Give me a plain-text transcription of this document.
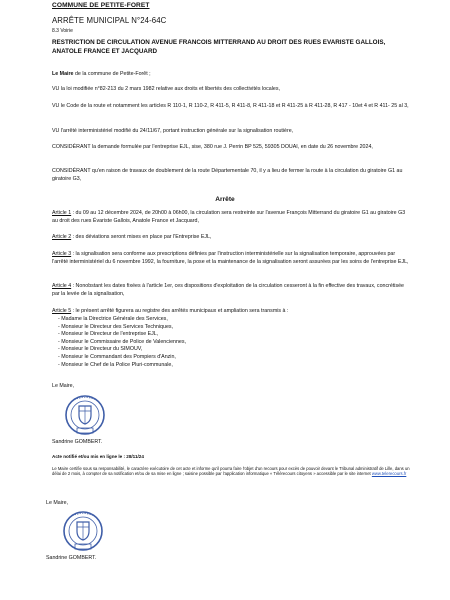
COMMUNE DE PETITE-FORET
ARRÊTE MUNICIPAL N°24-64C
8.3 Voirie
RESTRICTION DE CIRCULATION AVENUE FRANCOIS MITTERRAND AU DROIT DES RUES EVARISTE GALLOIS, ANATOLE FRANCE ET JACQUARD
Le Maire de la commune de Petite-Forêt ;
VU la loi modifiée n°82-213 du 2 mars 1982 relative aux droits et libertés des collectivités locales,
VU le Code de la route et notamment les articles R 110-1, R 110-2, R 411-5, R 411-8, R 411-18 et R 411-25 à R 411-28, R 417 - 10et 4 et R 411- 25 al 3,
VU l'arrêté interministériel modifié du 24/11/67, portant instruction générale sur la signalisation routière,
CONSIDÉRANT la demande formulée par l'entreprise EJL, sise, 380 rue J. Perrin BP 525, 59305 DOUAI, en date du 26 novembre 2024,
CONSIDÉRANT qu'en raison de travaux de doublement de la route Départementale 70, il y a lieu de fermer la route à la circulation du giratoire G1 au giratoire G3,
Arrête
Article 1 : du 09 au 12 décembre 2024, de 20h00 à 06h00, la circulation sera restreinte sur l'avenue François Mitterrand du giratoire G1 au giratoire G3 au droit des rues Évariste Gallois, Anatole France et Jacquard,
Article 2 : des déviations seront mises en place par l'Entreprise EJL,
Article 3 : la signalisation sera conforme aux prescriptions définies par l'instruction interministérielle sur la signalisation temporaire, approuvées par l'arrêté interministériel du 6 novembre 1992, la fourniture, la pose et la maintenance de la signalisation seront assurées par les soins de l'entreprise EJL,
Article 4 : Nonobstant les dates fixées à l'article 1er, ces dispositions d'exploitation de la circulation cesseront à la fin effective des travaux, concrétisée par la levée de la signalisation,
Article 5 : le présent arrêté figurera au registre des arrêtés municipaux et ampliation sera transmis à :
- Madame la Directrice Générale des Services,
- Monsieur le Directeur des Services Techniques,
- Monsieur le Directeur de l'entreprise EJL,
- Monsieur le Commissaire de Police de Valenciennes,
- Monsieur le Directeur du SIMOUV,
- Monsieur le Commandant des Pompiers d'Anzin,
- Monsieur le Chef de la Police Pluri-communale,
Le Maire,
Sandrine GOMBERT.
Acte notifié et/ou mis en ligne le : 28/11/24
Le Maire certifie sous sa responsabilité, le caractère exécutoire de cet acte et informe qu'il pourra faire l'objet d'un recours pour excès de pouvoir devant le Tribunal administratif de Lille, dans un délai de 2 mois, à compter de sa notification et/ou de sa mise en ligne ; saisine possible par l'application informatique « Télérecours citoyens » accessible par le site internet www.telerecours.fr
Le Maire,
Sandrine GOMBERT.
